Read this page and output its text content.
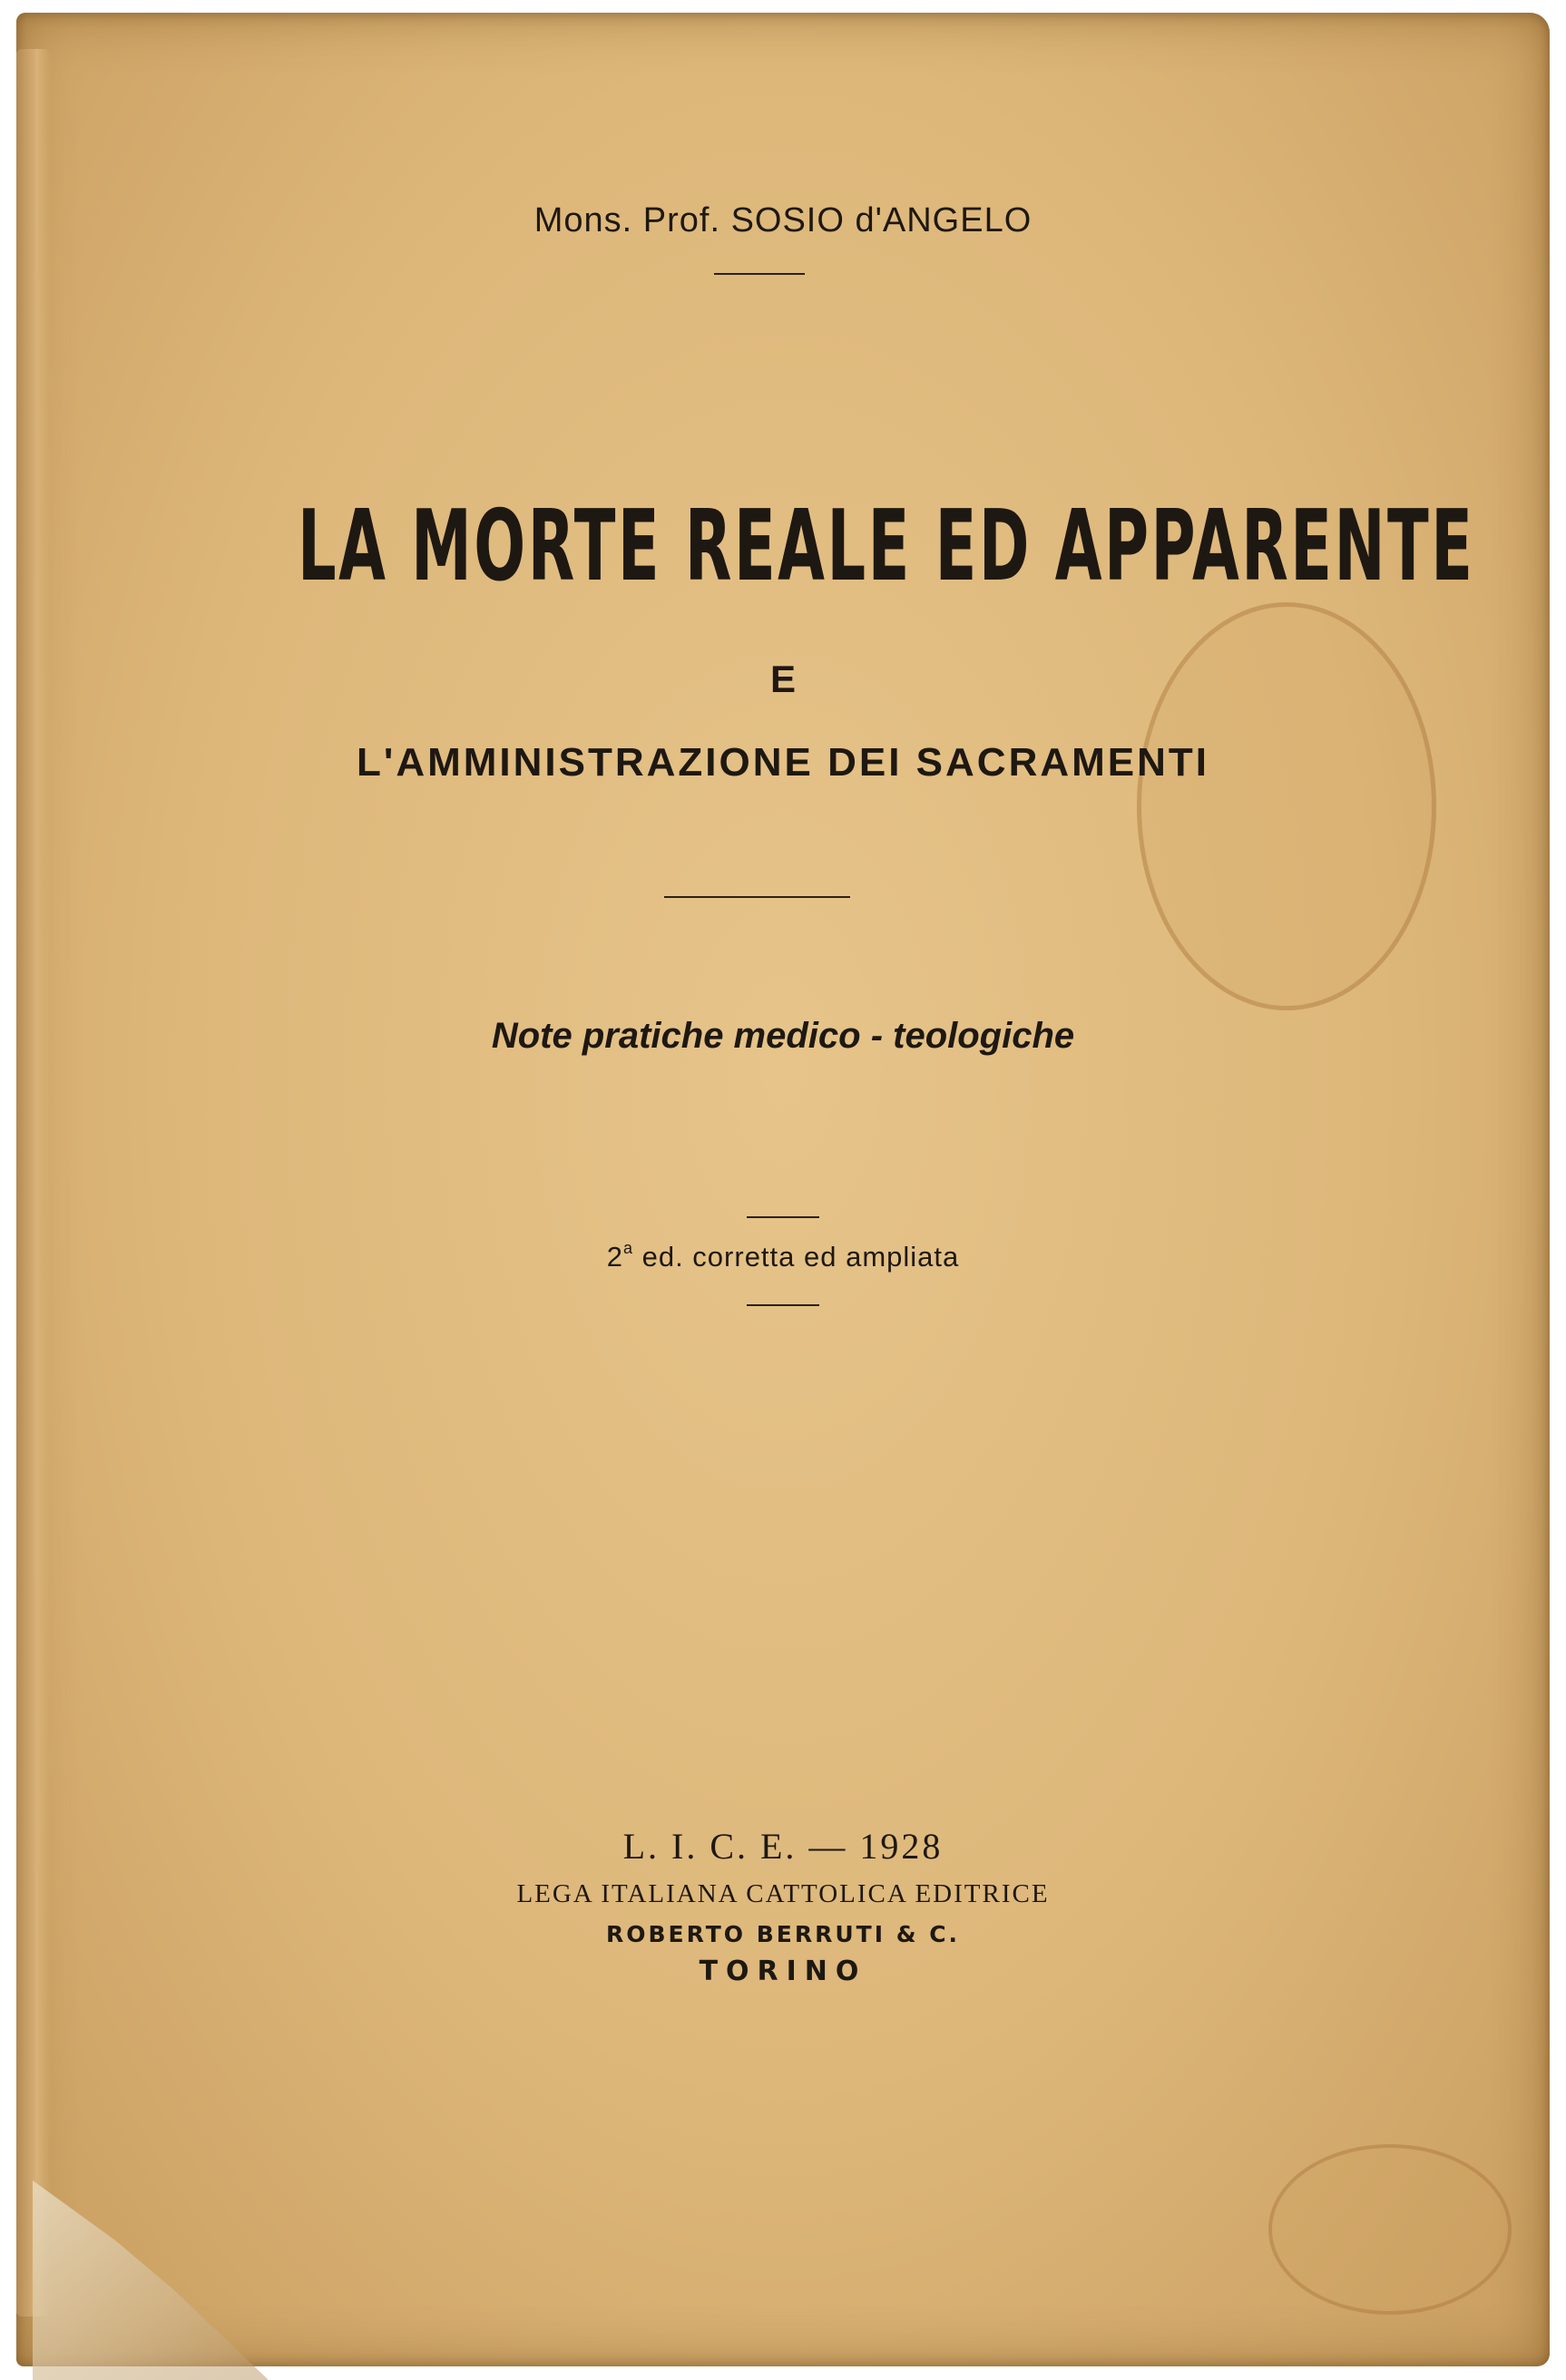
Mons. Prof. SOSIO d'ANGELO
LA MORTE REALE ED APPARENTE
E
L'AMMINISTRAZIONE DEI SACRAMENTI
Note pratiche medico - teologiche
2$^a$ ed. corretta ed ampliata
L. I. C. E. — 1928
LEGA ITALIANA CATTOLICA EDITRICE
ROBERTO BERRUTI & C.
TORINO
